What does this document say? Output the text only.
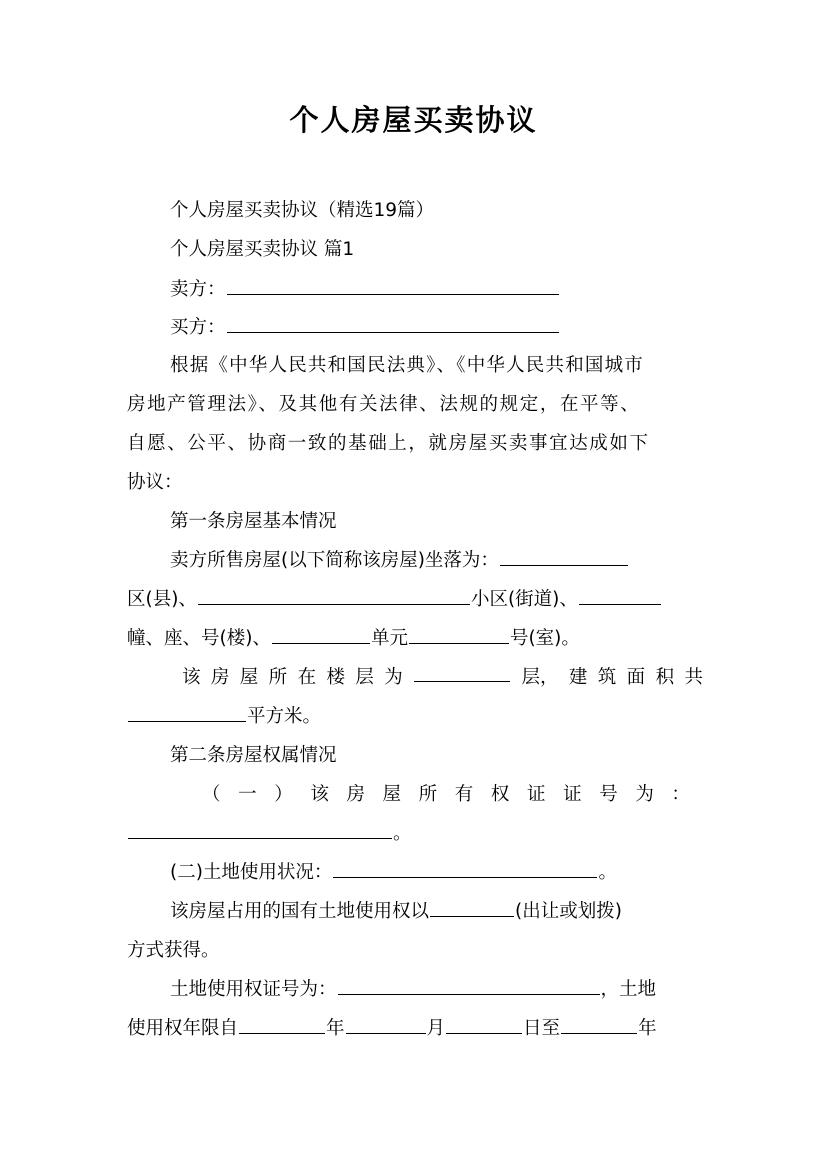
个人房屋买卖协议
个人房屋买卖协议（精选19篇）
个人房屋买卖协议 篇1
卖方：
买方：
根据《中华人民共和国民法典》、《中华人民共和国城市
房地产管理法》、及其他有关法律、法规的规定，在平等、
自愿、公平、协商一致的基础上，就房屋买卖事宜达成如下
协议：
第一条房屋基本情况
卖方所售房屋(以下简称该房屋)坐落为：
区(县)、	小区(街道)、
幢、座、号(楼)、	单元	号(室)。
该 房 屋 所 在 楼 层 为	层， 建 筑 面 积 共
平方米。
第二条房屋权属情况
（ 一 ） 该 房 屋 所 有 权 证 证 号 为 ：
。
(二)土地使用状况：	。
该房屋占用的国有土地使用权以	(出让或划拨)
方式获得。
土地使用权证号为：	，土地
使用权年限自	年	月	日至	年
